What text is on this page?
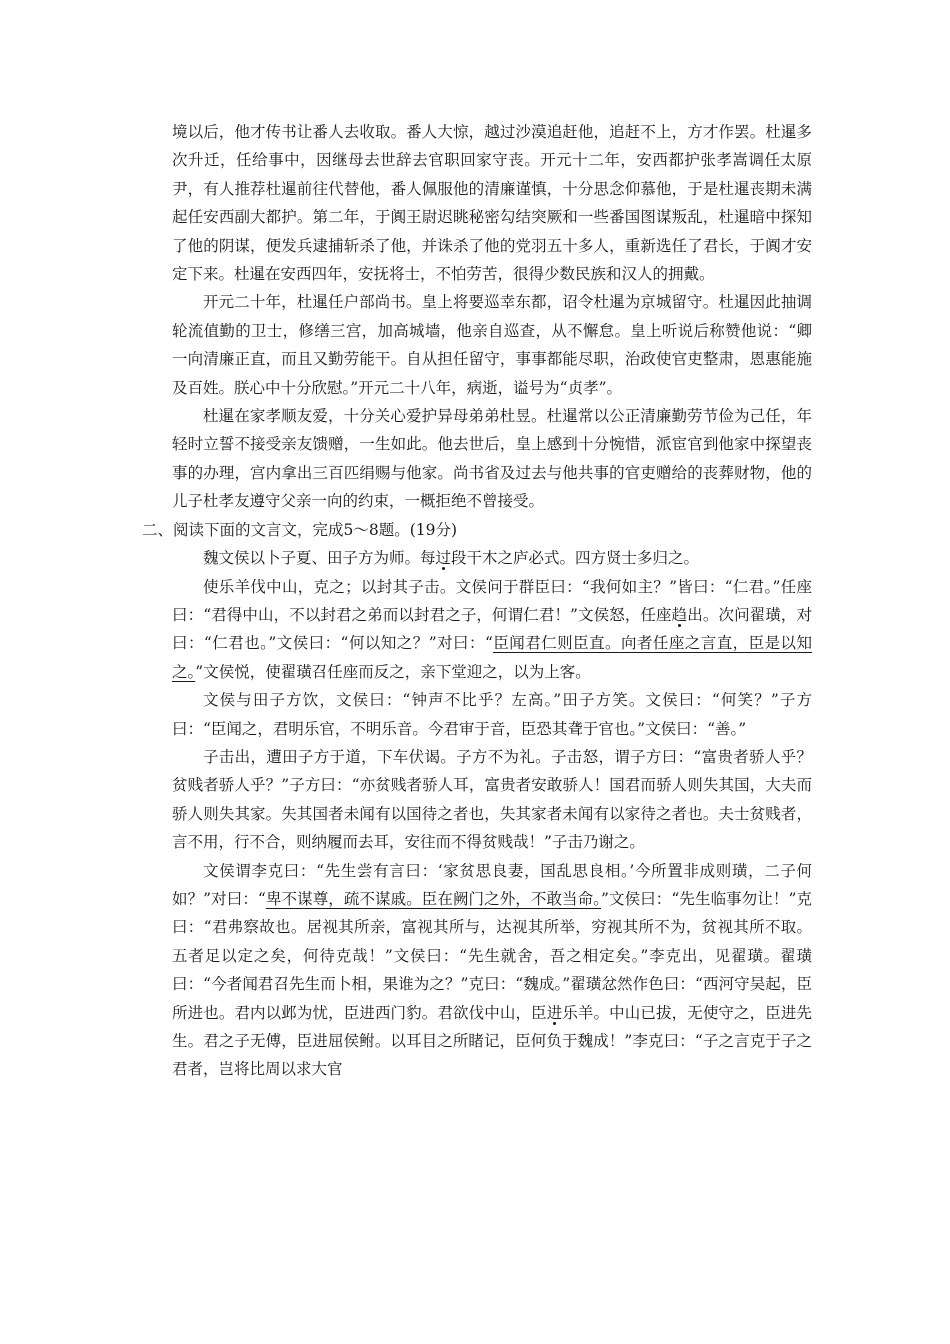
境以后，他才传书让番人去收取。番人大惊，越过沙漠追赶他，追赶不上，方才作罢。杜暹多次升迁，任给事中，因继母去世辞去官职回家守丧。开元十二年，安西都护张孝嵩调任太原尹，有人推荐杜暹前往代替他，番人佩服他的清廉谨慎，十分思念仰慕他，于是杜暹丧期未满起任安西副大都护。第二年，于阗王尉迟眺秘密勾结突厥和一些番国图谋叛乱，杜暹暗中探知了他的阴谋，便发兵逮捕斩杀了他，并诛杀了他的党羽五十多人，重新选任了君长，于阗才安定下来。杜暹在安西四年，安抚将士，不怕劳苦，很得少数民族和汉人的拥戴。

开元二十年，杜暹任户部尚书。皇上将要巡幸东都，诏令杜暹为京城留守。杜暹因此抽调轮流值勤的卫士，修缮三宫，加高城墙，他亲自巡查，从不懈怠。皇上听说后称赞他说：“卿一向清廉正直，而且又勤劳能干。自从担任留守，事事都能尽职，治政使官吏整肃，恩惠能施及百姓。朕心中十分欣慰。”开元二十八年，病逝，谥号为“贞孝”。

杜暹在家孝顺友爱，十分关心爱护异母弟弟杜昱。杜暹常以公正清廉勤劳节俭为己任，年轻时立誓不接受亲友馈赠，一生如此。他去世后，皇上感到十分惋惜，派宦官到他家中探望丧事的办理，宫内拿出三百匹绢赐与他家。尚书省及过去与他共事的官吏赠给的丧葬财物，他的儿子杜孝友遵守父亲一向的约束，一概拒绝不曾接受。

二、阅读下面的文言文，完成5～8题。(19分)

魏文侯以卜子夏、田子方为师。每过段干木之庐必式。四方贤士多归之。

使乐羊伐中山，克之；以封其子击。文侯问于群臣曰：“我何如主？”皆曰：“仁君。”任座曰：“君得中山，不以封君之弟而以封君之子，何谓仁君！”文侯怒，任座趋出。次问翟璜，对曰：“仁君也。”文侯曰：“何以知之？”对曰：“臣闻君仁则臣直。向者任座之言直，臣是以知之。”文侯悦，使翟璜召任座而反之，亲下堂迎之，以为上客。

文侯与田子方饮，文侯曰：“钟声不比乎？左高。”田子方笑。文侯曰：“何笑？”子方曰：“臣闻之，君明乐官，不明乐音。今君审于音，臣恐其聋于官也。”文侯曰：“善。”

子击出，遭田子方于道，下车伏谒。子方不为礼。子击怒，谓子方曰：“富贵者骄人乎？贫贱者骄人乎？”子方曰：“亦贫贱者骄人耳，富贵者安敢骄人！国君而骄人则失其国，大夫而骄人则失其家。失其国者未闻有以国待之者也，失其家者未闻有以家待之者也。夫士贫贱者，言不用，行不合，则纳履而去耳，安往而不得贫贱哉！”子击乃谢之。

文侯谓李克曰：“先生尝有言曰：‘家贫思良妻，国乱思良相。’今所置非成则璜，二子何如？”对曰：“卑不谋尊，疏不谋戚。臣在阙门之外，不敢当命。”文侯曰：“先生临事勿让！”克曰：“君弗察故也。居视其所亲，富视其所与，达视其所举，穷视其所不为，贫视其所不取。五者足以定之矣，何待克哉！”文侯曰：“先生就舍，吾之相定矣。”李克出，见翟璜。翟璜曰：“今者闻君召先生而卜相，果谁为之？”克曰：“魏成。”翟璜忿然作色曰：“西河守吴起，臣所进也。君内以邺为忧，臣进西门豹。君欲伐中山，臣进乐羊。中山已拔，无使守之，臣进先生。君之子无傅，臣进屈侯鲋。以耳目之所睹记，臣何负于魏成！”李克曰：“子之言克于子之君者，岂将比周以求大官
